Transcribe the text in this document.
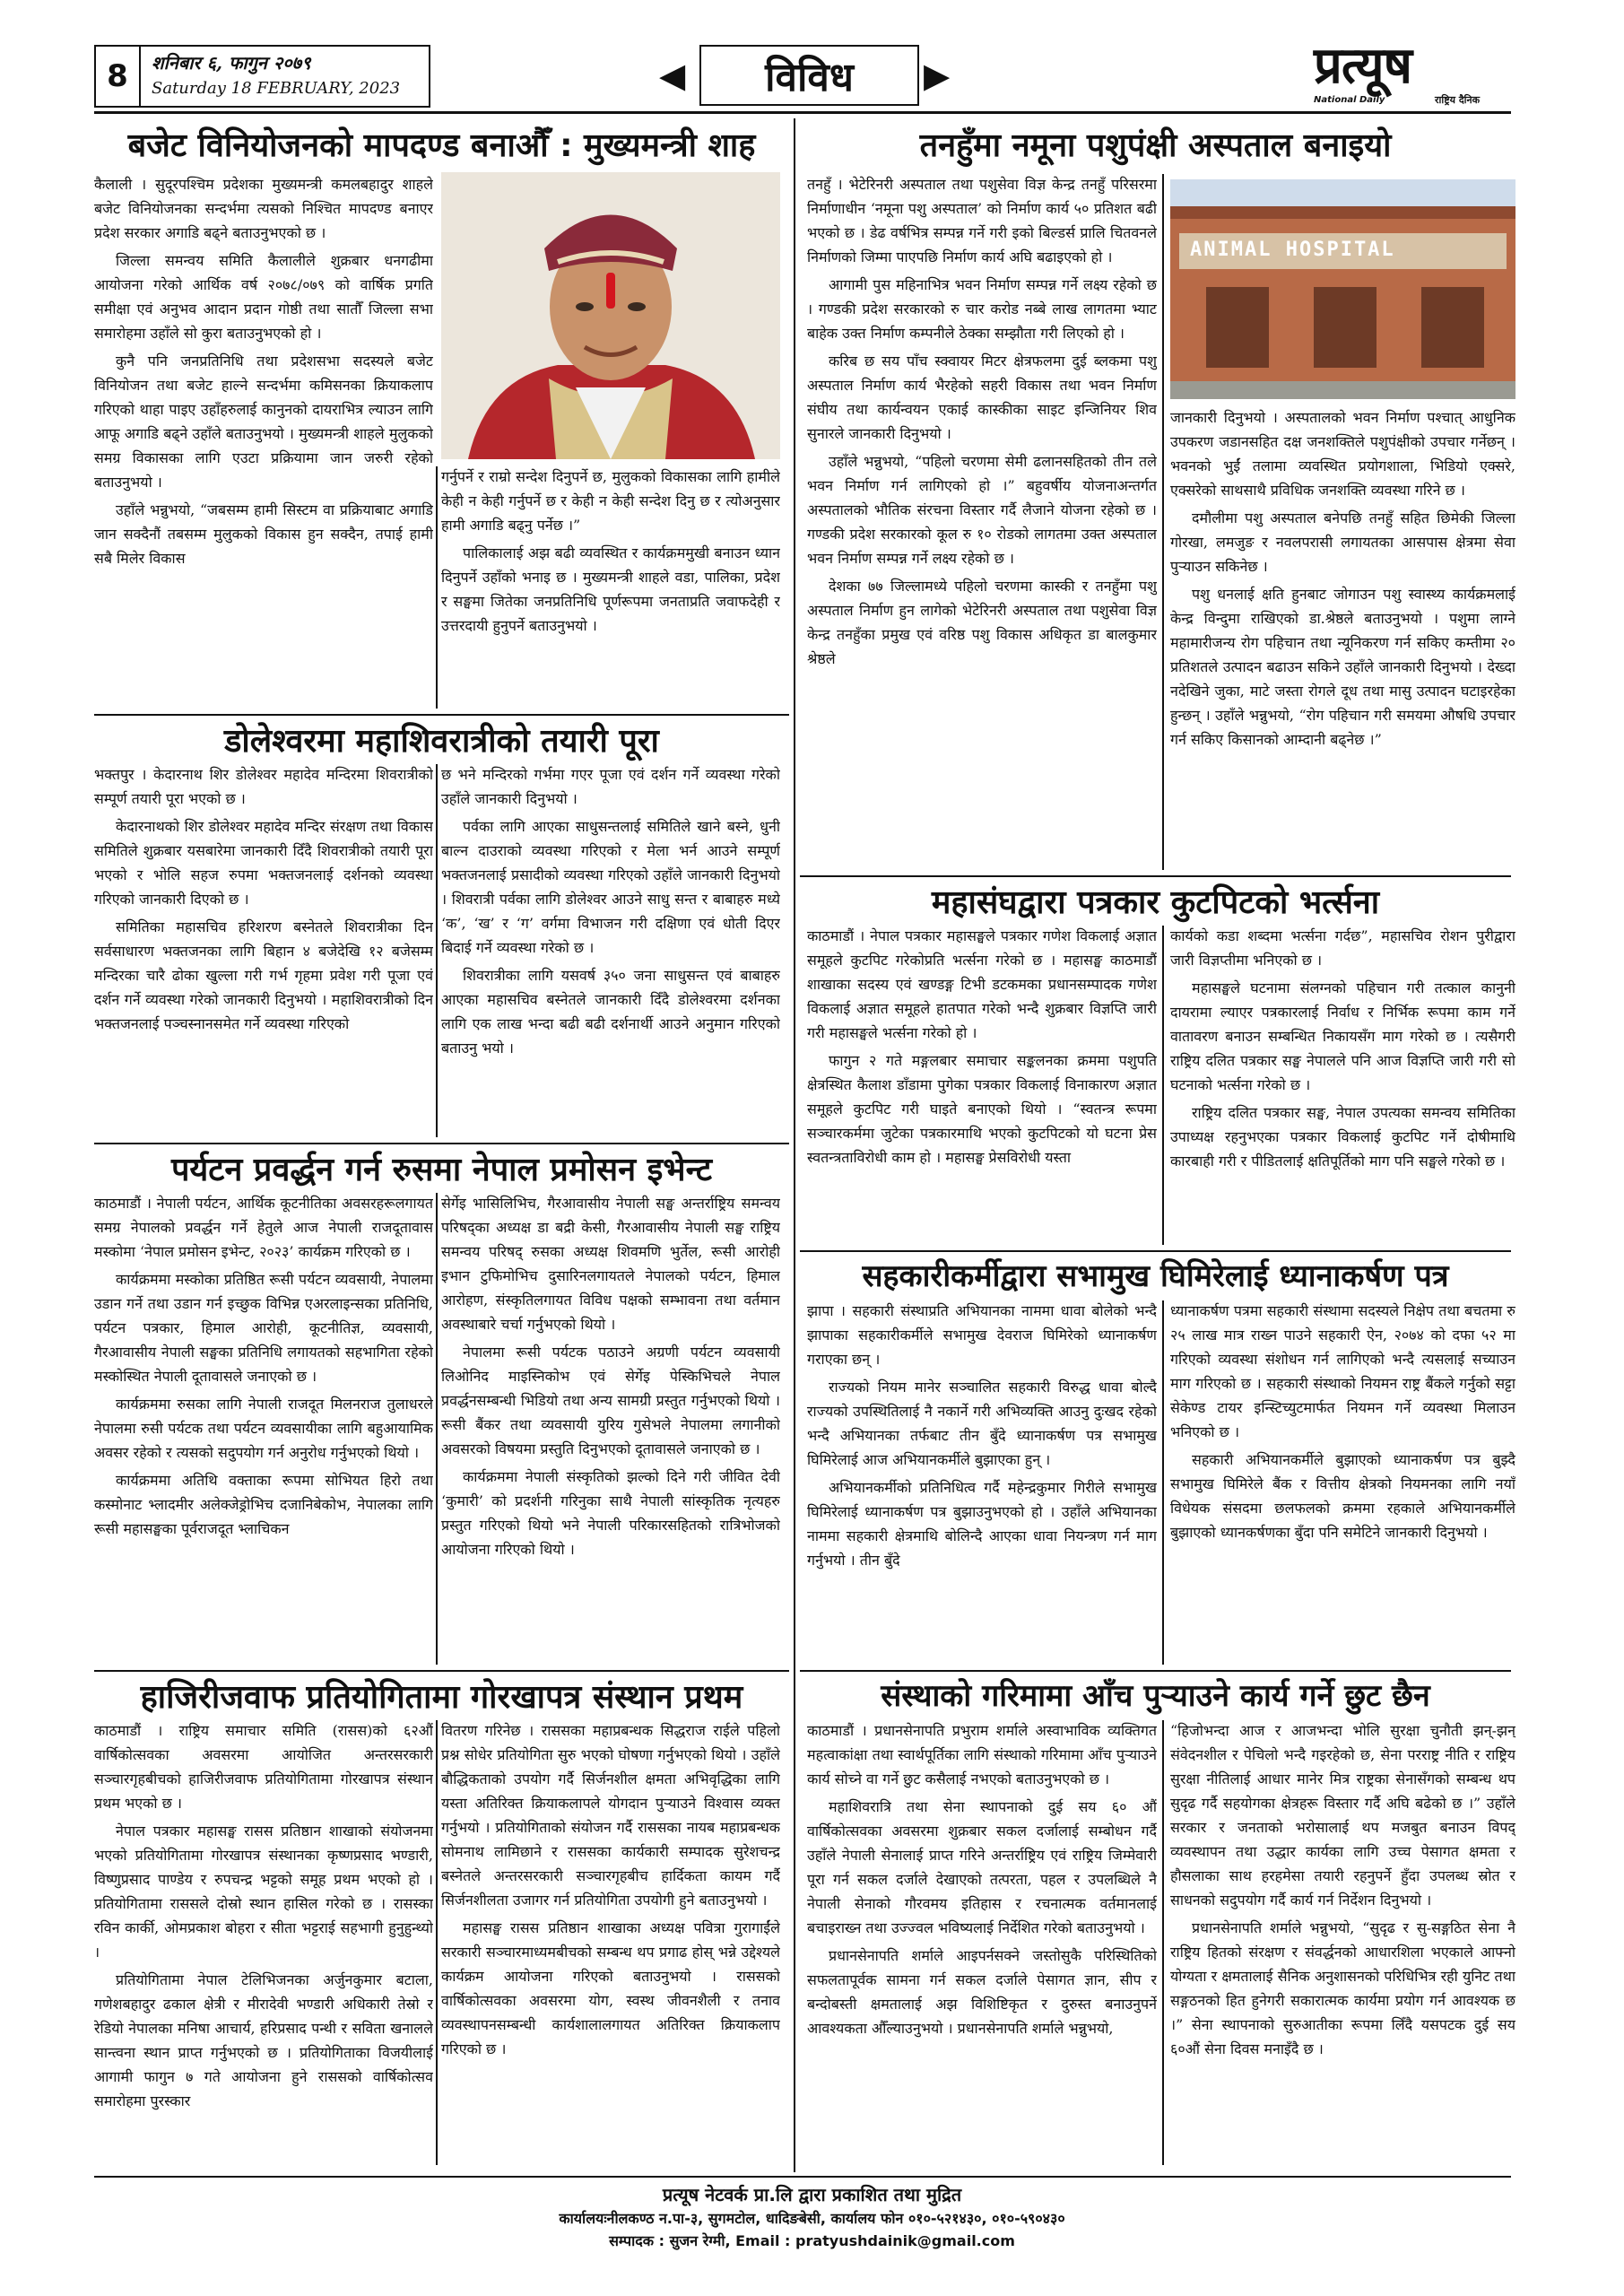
8	शनिबार ६, फागुन २०७९
Saturday 18 FEBRUARY, 2023	◀	विविध	▶	प्रत्यूष
National Daily	राष्ट्रिय दैनिक
बजेट विनियोजनको मापदण्ड बनाऔँ : मुख्यमन्त्री शाह

कैलाली । सुदूरपश्चिम प्रदेशका मुख्यमन्त्री कमलबहादुर शाहले बजेट विनियोजनका सन्दर्भमा त्यसको निश्चित मापदण्ड बनाएर प्रदेश सरकार अगाडि बढ्ने बताउनुभएको छ ।

जिल्ला समन्वय समिति कैलालीले शुक्रबार धनगढीमा आयोजना गरेको आर्थिक वर्ष २०७८/०७९ को वार्षिक प्रगति समीक्षा एवं अनुभव आदान प्रदान गोष्ठी तथा सातौँ जिल्ला सभा समारोहमा उहाँले सो कुरा बताउनुभएको हो ।

कुनै पनि जनप्रतिनिधि तथा प्रदेशसभा सदस्यले बजेट विनियोजन तथा बजेट हाल्ने सन्दर्भमा कमिसनका क्रियाकलाप गरिएको थाहा पाइए उहाँहरुलाई कानुनको दायराभित्र ल्याउन लागि आफू अगाडि बढ्ने उहाँले बताउनुभयो । मुख्यमन्त्री शाहले मुलुकको समग्र विकासका लागि एउटा प्रक्रियामा जान जरुरी रहेको बताउनुभयो ।

उहाँले भन्नुभयो, “जबसम्म हामी सिस्टम वा प्रक्रियाबाट अगाडि जान सक्दैनौं तबसम्म मुलुकको विकास हुन सक्दैन, तपाई हामी सबै मिलेर विकास

गर्नुपर्ने र राम्रो सन्देश दिनुपर्ने छ, मुलुकको विकासका लागि हामीले केही न केही गर्नुपर्ने छ र केही न केही सन्देश दिनु छ र त्योअनुसार हामी अगाडि बढ्नु पर्नेछ ।”

पालिकालाई अझ बढी व्यवस्थित र कार्यक्रममुखी बनाउन ध्यान दिनुपर्ने उहाँको भनाइ छ । मुख्यमन्त्री शाहले वडा, पालिका, प्रदेश र सङ्घमा जितेका जनप्रतिनिधि पूर्णरूपमा जनताप्रति जवाफदेही र उत्तरदायी हुनुपर्ने बताउनुभयो ।

डोलेश्वरमा महाशिवरात्रीको तयारी पूरा

भक्तपुर । केदारनाथ शिर डोलेश्वर महादेव मन्दिरमा शिवरात्रीको सम्पूर्ण तयारी पूरा भएको छ ।

केदारनाथको शिर डोलेश्वर महादेव मन्दिर संरक्षण तथा विकास समितिले शुक्रबार यसबारेमा जानकारी दिँदै शिवरात्रीको तयारी पूरा भएको र भोलि सहज रुपमा भक्तजनलाई दर्शनको व्यवस्था गरिएको जानकारी दिएको छ ।

समितिका महासचिव हरिशरण बस्नेतले शिवरात्रीका दिन सर्वसाधारण भक्तजनका लागि बिहान ४ बजेदेखि १२ बजेसम्म मन्दिरका चारै ढोका खुल्ला गरी गर्भ गृहमा प्रवेश गरी पूजा एवं दर्शन गर्ने व्यवस्था गरेको जानकारी दिनुभयो । महाशिवरात्रीको दिन भक्तजनलाई पञ्चस्नानसमेत गर्ने व्यवस्था गरिएको

छ भने मन्दिरको गर्भमा गएर पूजा एवं दर्शन गर्ने व्यवस्था गरेको उहाँले जानकारी दिनुभयो ।

पर्वका लागि आएका साधुसन्तलाई समितिले खाने बस्ने, धुनी बाल्न दाउराको व्यवस्था गरिएको र मेला भर्न आउने सम्पूर्ण भक्तजनलाई प्रसादीको व्यवस्था गरिएको उहाँले जानकारी दिनुभयो । शिवरात्री पर्वका लागि डोलेश्वर आउने साधु सन्त र बाबाहरु मध्ये ‘क’, ‘ख’ र ‘ग’ वर्गमा विभाजन गरी दक्षिणा एवं धोती दिएर बिदाई गर्ने व्यवस्था गरेको छ ।

शिवरात्रीका लागि यसवर्ष ३५० जना साधुसन्त एवं बाबाहरु आएका महासचिव बस्नेतले जानकारी दिँदै डोलेश्वरमा दर्शनका लागि एक लाख भन्दा बढी बढी दर्शनार्थी आउने अनुमान गरिएको बताउनु भयो ।

पर्यटन प्रवर्द्धन गर्न रुसमा नेपाल प्रमोसन इभेन्ट

काठमाडौं । नेपाली पर्यटन, आर्थिक कूटनीतिका अवसरहरूलगायत समग्र नेपालको प्रवर्द्धन गर्ने हेतुले आज नेपाली राजदूतावास मस्कोमा ‘नेपाल प्रमोसन इभेन्ट, २०२३’ कार्यक्रम गरिएको छ ।

कार्यक्रममा मस्कोका प्रतिष्ठित रूसी पर्यटन व्यवसायी, नेपालमा उडान गर्ने तथा उडान गर्न इच्छुक विभिन्न एअरलाइन्सका प्रतिनिधि, पर्यटन पत्रकार, हिमाल आरोही, कूटनीतिज्ञ, व्यवसायी, गैरआवासीय नेपाली सङ्घका प्रतिनिधि लगायतको सहभागिता रहेको मस्कोस्थित नेपाली दूतावासले जनाएको छ ।

कार्यक्रममा रुसका लागि नेपाली राजदूत मिलनराज तुलाधरले नेपालमा रुसी पर्यटक तथा पर्यटन व्यवसायीका लागि बहुआयामिक अवसर रहेको र त्यसको सदुपयोग गर्न अनुरोध गर्नुभएको थियो ।

कार्यक्रममा अतिथि वक्ताका रूपमा सोभियत हिरो तथा कस्मोनाट भ्लादमीर अलेक्जेड्रोभिच दजानिबेकोभ, नेपालका लागि रूसी महासङ्घका पूर्वराजदूत भ्लाचिकन

सेर्गेइ भासिलिभिच, गैरआवासीय नेपाली सङ्घ अन्तर्राष्ट्रिय समन्वय परिषद्का अध्यक्ष डा बद्री केसी, गैरआवासीय नेपाली सङ्घ राष्ट्रिय समन्वय परिषद् रुसका अध्यक्ष शिवमणि भुर्तेल, रूसी आरोही इभान टुफिमोभिच दुसारिनलगायतले नेपालको पर्यटन, हिमाल आरोहण, संस्कृतिलगायत विविध पक्षको सम्भावना तथा वर्तमान अवस्थाबारे चर्चा गर्नुभएको थियो ।

नेपालमा रूसी पर्यटक पठाउने अग्रणी पर्यटन व्यवसायी लिओनिद माइस्निकोभ एवं सेर्गेइ पेस्किभिचले नेपाल प्रवर्द्धनसम्बन्धी भिडियो तथा अन्य सामग्री प्रस्तुत गर्नुभएको थियो । रूसी बैंकर तथा व्यवसायी युरिय गुसेभले नेपालमा लगानीको अवसरको विषयमा प्रस्तुति दिनुभएको दूतावासले जनाएको छ ।

कार्यक्रममा नेपाली संस्कृतिको झल्को दिने गरी जीवित देवी ‘कुमारी’ को प्रदर्शनी गरिनुका साथै नेपाली सांस्कृतिक नृत्यहरु प्रस्तुत गरिएको थियो भने नेपाली परिकारसहितको रात्रिभोजको आयोजना गरिएको थियो ।

हाजिरीजवाफ प्रतियोगितामा गोरखापत्र संस्थान प्रथम

काठमाडौं । राष्ट्रिय समाचार समिति (रासस)को ६२औं वार्षिकोत्सवका अवसरमा आयोजित अन्तरसरकारी सञ्चारगृहबीचको हाजिरीजवाफ प्रतियोगितामा गोरखापत्र संस्थान प्रथम भएको छ ।

नेपाल पत्रकार महासङ्घ रासस प्रतिष्ठान शाखाको संयोजनमा भएको प्रतियोगितामा गोरखापत्र संस्थानका कृष्णप्रसाद भण्डारी, विष्णुप्रसाद पाण्डेय र रुपचन्द्र भट्टको समूह प्रथम भएको हो । प्रतियोगितामा राससले दोस्रो स्थान हासिल गरेको छ । रासस्का रविन कार्की, ओमप्रकाश बोहरा र सीता भट्टराई सहभागी हुनुहुन्थ्यो ।

प्रतियोगितामा नेपाल टेलिभिजनका अर्जुनकुमार बटाला, गणेशबहादुर ढकाल क्षेत्री र मीरादेवी भण्डारी अधिकारी तेस्रो र रेडियो नेपालका मनिषा आचार्य, हरिप्रसाद पन्थी र सविता खनालले सान्त्वना स्थान प्राप्त गर्नुभएको छ । प्रतियोगिताका विजयीलाई आगामी फागुन ७ गते आयोजना हुने राससको वार्षिकोत्सव समारोहमा पुरस्कार

वितरण गरिनेछ । राससका महाप्रबन्धक सिद्धराज राईले पहिलो प्रश्न सोधेर प्रतियोगिता सुरु भएको घोषणा गर्नुभएको थियो । उहाँले बौद्धिकताको उपयोग गर्दै सिर्जनशील क्षमता अभिवृद्धिका लागि यस्ता अतिरिक्त क्रियाकलापले योगदान पुऱ्याउने विश्वास व्यक्त गर्नुभयो । प्रतियोगिताको संयोजन गर्दै राससका नायब महाप्रबन्धक सोमनाथ लामिछाने र राससका कार्यकारी सम्पादक सुरेशचन्द्र बस्नेतले अन्तरसरकारी सञ्चारगृहबीच हार्दिकता कायम गर्दै सिर्जनशीलता उजागर गर्न प्रतियोगिता उपयोगी हुने बताउनुभयो ।

महासङ्घ रासस प्रतिष्ठान शाखाका अध्यक्ष पवित्रा गुरागाईंले सरकारी सञ्चारमाध्यमबीचको सम्बन्ध थप प्रगाढ होस् भन्ने उद्देश्यले कार्यक्रम आयोजना गरिएको बताउनुभयो । राससको वार्षिकोत्सवका अवसरमा योग, स्वस्थ जीवनशैली र तनाव व्यवस्थापनसम्बन्धी कार्यशालालगायत अतिरिक्त क्रियाकलाप गरिएको छ ।

तनहुँमा नमूना पशुपंक्षी अस्पताल बनाइयो

तनहुँ । भेटेरिनरी अस्पताल तथा पशुसेवा विज्ञ केन्द्र तनहुँ परिसरमा निर्माणाधीन ‘नमूना पशु अस्पताल’ को निर्माण कार्य ५० प्रतिशत बढी भएको छ । डेढ वर्षभित्र सम्पन्न गर्ने गरी इको बिल्डर्स प्रालि चितवनले निर्माणको जिम्मा पाएपछि निर्माण कार्य अघि बढाइएको हो ।

आगामी पुस महिनाभित्र भवन निर्माण सम्पन्न गर्ने लक्ष्य रहेको छ । गण्डकी प्रदेश सरकारको रु चार करोड नब्बे लाख लागतमा भ्याट बाहेक उक्त निर्माण कम्पनीले ठेक्का सम्झौता गरी लिएको हो ।

करिब छ सय पाँच स्क्वायर मिटर क्षेत्रफलमा दुई ब्लकमा पशु अस्पताल निर्माण कार्य भैरहेको सहरी विकास तथा भवन निर्माण संघीय तथा कार्यन्वयन एकाई कास्कीका साइट इन्जिनियर शिव सुनारले जानकारी दिनुभयो ।

उहाँले भन्नुभयो, “पहिलो चरणमा सेमी ढलानसहितको तीन तले भवन निर्माण गर्न लागिएको हो ।” बहुवर्षीय योजनाअन्तर्गत अस्पतालको भौतिक संरचना विस्तार गर्दै लैजाने योजना रहेको छ । गण्डकी प्रदेश सरकारको कूल रु १० रोडको लागतमा उक्त अस्पताल भवन निर्माण सम्पन्न गर्ने लक्ष्य रहेको छ ।

देशका ७७ जिल्लामध्ये पहिलो चरणमा कास्की र तनहुँमा पशु अस्पताल निर्माण हुन लागेको भेटेरिनरी अस्पताल तथा पशुसेवा विज्ञ केन्द्र तनहुँका प्रमुख एवं वरिष्ठ पशु विकास अधिकृत डा बालकुमार श्रेष्ठले

ANIMAL HOSPITAL

जानकारी दिनुभयो । अस्पतालको भवन निर्माण पश्चात् आधुनिक उपकरण जडानसहित दक्ष जनशक्तिले पशुपंक्षीको उपचार गर्नेछन् । भवनको भुईं तलामा व्यवस्थित प्रयोगशाला, भिडियो एक्सरे, एक्सरेको साथसाथै प्रविधिक जनशक्ति व्यवस्था गरिने छ ।

दमौलीमा पशु अस्पताल बनेपछि तनहुँ सहित छिमेकी जिल्ला गोरखा, लमजुङ र नवलपरासी लगायतका आसपास क्षेत्रमा सेवा पुऱ्याउन सकिनेछ ।

पशु धनलाई क्षति हुनबाट जोगाउन पशु स्वास्थ्य कार्यक्रमलाई केन्द्र विन्दुमा राखिएको डा.श्रेष्ठले बताउनुभयो । पशुमा लाग्ने महामारीजन्य रोग पहिचान तथा न्यूनिकरण गर्न सकिए कम्तीमा २० प्रतिशतले उत्पादन बढाउन सकिने उहाँले जानकारी दिनुभयो । देख्दा नदेखिने जुका, माटे जस्ता रोगले दूध तथा मासु उत्पादन घटाइरहेका हुन्छन् । उहाँले भन्नुभयो, “रोग पहिचान गरी समयमा औषधि उपचार गर्न सकिए किसानको आम्दानी बढ्नेछ ।”

महासंघद्वारा पत्रकार कुटपिटको भर्त्सना

काठमाडौं । नेपाल पत्रकार महासङ्घले पत्रकार गणेश विकलाई अज्ञात समूहले कुटपिट गरेकोप्रति भर्त्सना गरेको छ । महासङ्घ काठमाडौं शाखाका सदस्य एवं खण्डङ्ग टिभी डटकमका प्रधानसम्पादक गणेश विकलाई अज्ञात समूहले हातपात गरेको भन्दै शुक्रबार विज्ञप्ति जारी गरी महासङ्घले भर्त्सना गरेको हो ।

फागुन २ गते मङ्गलबार समाचार सङ्कलनका क्रममा पशुपति क्षेत्रस्थित कैलाश डाँडामा पुगेका पत्रकार विकलाई विनाकारण अज्ञात समूहले कुटपिट गरी घाइते बनाएको थियो । “स्वतन्त्र रूपमा सञ्चारकर्ममा जुटेका पत्रकारमाथि भएको कुटपिटको यो घटना प्रेस स्वतन्त्रताविरोधी काम हो । महासङ्घ प्रेसविरोधी यस्ता

कार्यको कडा शब्दमा भर्त्सना गर्दछ”, महासचिव रोशन पुरीद्वारा जारी विज्ञप्तीमा भनिएको छ ।

महासङ्घले घटनामा संलग्नको पहिचान गरी तत्काल कानुनी दायरामा ल्याएर पत्रकारलाई निर्वाध र निर्भिक रूपमा काम गर्ने वातावरण बनाउन सम्बन्धित निकायसँग माग गरेको छ । त्यसैगरी राष्ट्रिय दलित पत्रकार सङ्घ नेपालले पनि आज विज्ञप्ति जारी गरी सो घटनाको भर्त्सना गरेको छ ।

राष्ट्रिय दलित पत्रकार सङ्घ, नेपाल उपत्यका समन्वय समितिका उपाध्यक्ष रहनुभएका पत्रकार विकलाई कुटपिट गर्ने दोषीमाथि कारबाही गरी र पीडितलाई क्षतिपूर्तिको माग पनि सङ्घले गरेको छ ।

सहकारीकर्मीद्वारा सभामुख घिमिरेलाई ध्यानाकर्षण पत्र

झापा । सहकारी संस्थाप्रति अभियानका नाममा धावा बोलेको भन्दै झापाका सहकारीकर्मीले सभामुख देवराज घिमिरेको ध्यानाकर्षण गराएका छन् ।

राज्यको नियम मानेर सञ्चालित सहकारी विरुद्ध धावा बोल्दै राज्यको उपस्थितिलाई नै नकार्ने गरी अभिव्यक्ति आउनु दुःखद रहेको भन्दै अभियानका तर्फबाट तीन बुँदे ध्यानाकर्षण पत्र सभामुख घिमिरेलाई आज अभियानकर्मीले बुझाएका हुन् ।

अभियानकर्मीको प्रतिनिधित्व गर्दै महेन्द्रकुमार गिरीले सभामुख घिमिरेलाई ध्यानाकर्षण पत्र बुझाउनुभएको हो । उहाँले अभियानका नाममा सहकारी क्षेत्रमाथि बोलिन्दै आएका धावा नियन्त्रण गर्न माग गर्नुभयो । तीन बुँदे

ध्यानाकर्षण पत्रमा सहकारी संस्थामा सदस्यले निक्षेप तथा बचतमा रु २५ लाख मात्र राख्न पाउने सहकारी ऐन, २०७४ को दफा ५२ मा गरिएको व्यवस्था संशोधन गर्न लागिएको भन्दै त्यसलाई सच्याउन माग गरिएको छ । सहकारी संस्थाको नियमन राष्ट्र बैंकले गर्नुको सट्टा सेकेण्ड टायर इन्स्टिच्युटमार्फत नियमन गर्ने व्यवस्था मिलाउन भनिएको छ ।

सहकारी अभियानकर्मीले बुझाएको ध्यानाकर्षण पत्र बुझ्दै सभामुख घिमिरेले बैंक र वित्तीय क्षेत्रको नियमनका लागि नयाँ विधेयक संसदमा छलफलको क्रममा रहकाले अभियानकर्मीले बुझाएको ध्यानकर्षणका बुँदा पनि समेटिने जानकारी दिनुभयो ।

संस्थाको गरिमामा आँच पुऱ्याउने कार्य गर्ने छुट छैन

काठमाडौं । प्रधानसेनापति प्रभुराम शर्माले अस्वाभाविक व्यक्तिगत महत्वाकांक्षा तथा स्वार्थपूर्तिका लागि संस्थाको गरिमामा आँच पुऱ्याउने कार्य सोच्ने वा गर्ने छुट कसैलाई नभएको बताउनुभएको छ ।

महाशिवरात्रि तथा सेना स्थापनाको दुई सय ६० औं वार्षिकोत्सवका अवसरमा शुक्रबार सकल दर्जालाई सम्बोधन गर्दै उहाँले नेपाली सेनालाई प्राप्त गरिने अन्तर्राष्ट्रिय एवं राष्ट्रिय जिम्मेवारी पूरा गर्न सकल दर्जाले देखाएको तत्परता, पहल र उपलब्धिले नै नेपाली सेनाको गौरवमय इतिहास र रचनात्मक वर्तमानलाई बचाइराख्न तथा उज्ज्वल भविष्यलाई निर्देशित गरेको बताउनुभयो ।

प्रधानसेनापति शर्माले आइपर्नसक्ने जस्तोसुकै परिस्थितिको सफलतापूर्वक सामना गर्न सकल दर्जाले पेसागत ज्ञान, सीप र बन्दोबस्ती क्षमतालाई अझ विशिष्टिकृत र दुरुस्त बनाउनुपर्ने आवश्यकता औँल्याउनुभयो । प्रधानसेनापति शर्माले भन्नुभयो,

“हिजोभन्दा आज र आजभन्दा भोलि सुरक्षा चुनौती झन्-झन् संवेदनशील र पेचिलो भन्दै गइरहेको छ, सेना परराष्ट्र नीति र राष्ट्रिय सुरक्षा नीतिलाई आधार मानेर मित्र राष्ट्रका सेनासँगको सम्बन्ध थप सुदृढ गर्दै सहयोगका क्षेत्रहरू विस्तार गर्दै अघि बढेको छ ।” उहाँले सरकार र जनताको भरोसालाई थप मजबुत बनाउन विपद् व्यवस्थापन तथा उद्धार कार्यका लागि उच्च पेसागत क्षमता र हौसलाका साथ हरहमेसा तयारी रहनुपर्ने हुँदा उपलब्ध स्रोत र साधनको सदुपयोग गर्दै कार्य गर्न निर्देशन दिनुभयो ।

प्रधानसेनापति शर्माले भन्नुभयो, “सुदृढ र सु-सङ्गठित सेना नै राष्ट्रिय हितको संरक्षण र संवर्द्धनको आधारशिला भएकाले आफ्नो योग्यता र क्षमतालाई सैनिक अनुशासनको परिधिभित्र रही युनिट तथा सङ्गठनको हित हुनेगरी सकारात्मक कार्यमा प्रयोग गर्न आवश्यक छ ।” सेना स्थापनाको सुरुआतीका रूपमा लिँदै यसपटक दुई सय ६०औं सेना दिवस मनाइँदै छ ।

प्रत्यूष नेटवर्क प्रा.लि द्वारा प्रकाशित तथा मुद्रित
कार्यालयःनीलकण्ठ न.पा-३, सुगमटोल, धादिङबेसी, कार्यालय फोन ०१०-५२१४३०, ०१०-५९०४३०
सम्पादक : सुजन रेग्मी, Email : pratyushdainik@gmail.com
